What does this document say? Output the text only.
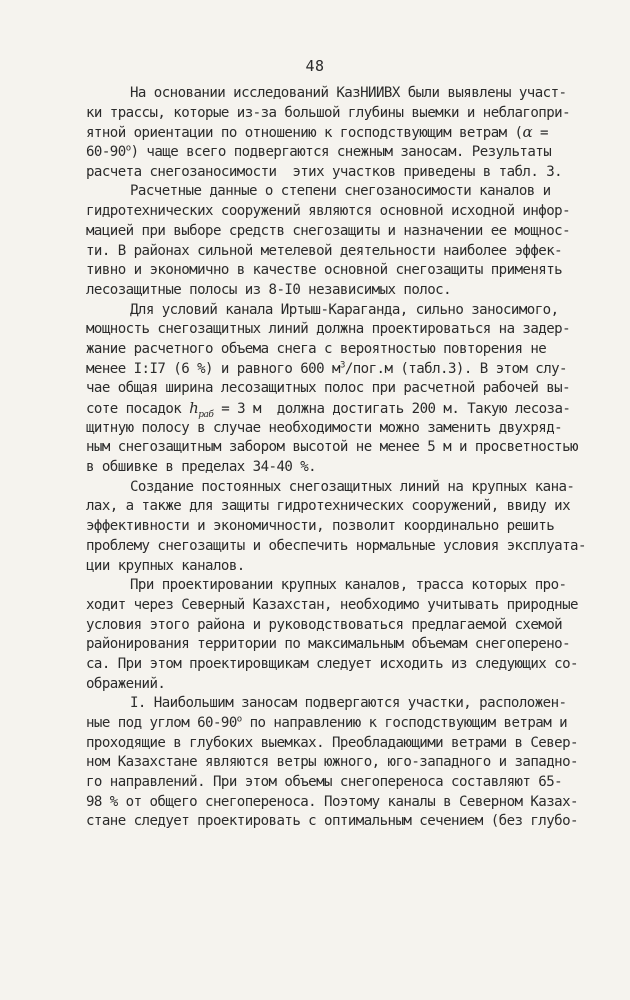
48
На основании исследований КазНИИВХ были выявлены участ-
ки трассы, которые из-за большой глубины выемки и неблагопри-
ятной ориентации по отношению к господствующим ветрам (α =
$60-90^о$) чаще всего подвергаются снежным заносам. Результаты
расчета снегозаносимости  этих участков приведены в табл. 3.
Расчетные данные о степени снегозаносимости каналов и
гидротехнических сооружений являются основной исходной инфор-
мацией при выборе средств снегозащиты и назначении ее мощнос-
ти. В районах сильной метелевой деятельности наиболее эффек-
тивно и экономично в качестве основной снегозащиты применять
лесозащитные полосы из 8-I0 независимых полос.
Для условий канала Иртыш-Караганда, сильно заносимого,
мощность снегозащитных линий должна проектироваться на задер-
жание расчетного объема снега с вероятностью повторения не
менее I:I7 (6 %) и равного 600 $м^3/пог.м$ (табл.3). В этом слу-
чае общая ширина лесозащитных полос при расчетной рабочей вы-
соте посадок $h_{раб} = 3$ м  должна достигать 200 м. Такую лесоза-
щитную полосу в случае необходимости можно заменить двухряд-
ным снегозащитным забором высотой не менее 5 м и просветностью
в обшивке в пределах 34-40 %.
Создание постоянных снегозащитных линий на крупных кана-
лах, а также для защиты гидротехнических сооружений, ввиду их
эффективности и экономичности, позволит координально решить
проблему снегозащиты и обеспечить нормальные условия эксплуата-
ции крупных каналов.
При проектировании крупных каналов, трасса которых про-
ходит через Северный Казахстан, необходимо учитывать природные
условия этого района и руководствоваться предлагаемой схемой
районирования территории по максимальным объемам снегоперено-
са. При этом проектировщикам следует исходить из следующих со-
ображений.
I. Наибольшим заносам подвергаются участки, расположен-
ные под углом $60-90^о$ по направлению к господствующим ветрам и
проходящие в глубоких выемках. Преобладающими ветрами в Север-
ном Казахстане являются ветры южного, юго-западного и западно-
го направлений. При этом объемы снегопереноса составляют 65-
98 % от общего снегопереноса. Поэтому каналы в Северном Казах-
стане следует проектировать с оптимальным сечением (без глубо-
